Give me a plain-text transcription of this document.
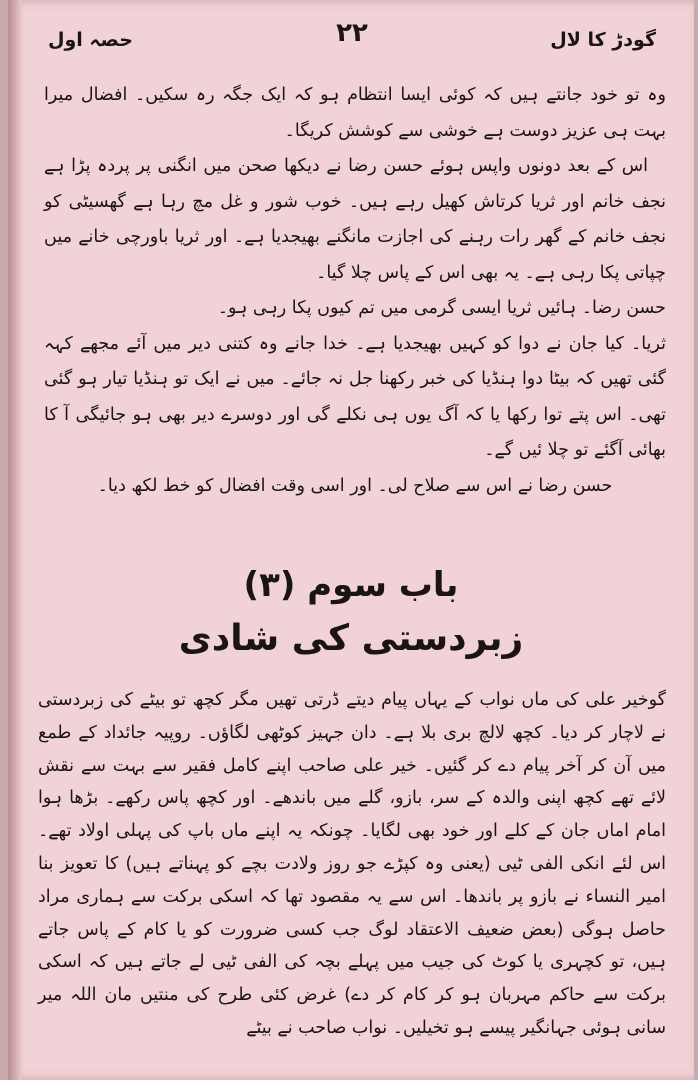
گودڑ کا لال
۲۲
حصہ اول

وہ تو خود جانتے ہیں کہ کوئی ایسا انتظام ہو کہ ایک جگہ رہ سکیں۔ افضال میرا بہت ہی عزیز دوست ہے خوشی سے کوشش کریگا۔

اس کے بعد دونوں واپس ہوئے حسن رضا نے دیکھا صحن میں انگنی پر پردہ پڑا ہے نجف خانم اور ثریا کرتاش کھیل رہے ہیں۔ خوب شور و غل مچ رہا ہے گھسیٹی کو نجف خانم کے گھر رات رہنے کی اجازت مانگنے بھیجدیا ہے۔ اور ثریا باورچی خانے میں چپاتی پکا رہی ہے۔ یہ بھی اس کے پاس چلا گیا۔

حسن رضا۔ ہائیں ثریا ایسی گرمی میں تم کیوں پکا رہی ہو۔

ثریا۔ کیا جان نے دوا کو کہیں بھیجدیا ہے۔ خدا جانے وہ کتنی دیر میں آئے مجھے کہہ گئی تھیں کہ بیٹا دوا ہنڈیا کی خبر رکھنا جل نہ جائے۔ میں نے ایک تو ہنڈیا تیار ہو گئی تھی۔ اس پتے توا رکھا یا کہ آگ یوں ہی نکلے گی اور دوسرے دیر بھی ہو جائیگی آ کا بھائی آگئے تو چلا ئیں گے۔

حسن رضا نے اس سے صلاح لی۔ اور اسی وقت افضال کو خط لکھ دیا۔

باب سوم (۳)
زبردستی کی شادی

گوخیر علی کی ماں نواب کے یہاں پیام دیتے ڈرتی تھیں مگر کچھ تو بیٹے کی زبردستی نے لاچار کر دیا۔ کچھ لالچ بری بلا ہے۔ دان جہیز کوٹھی لگاؤں۔ روپیہ جائداد کے طمع میں آن کر آخر پیام دے کر گئیں۔ خیر علی صاحب اپنے کامل فقیر سے بہت سے نقش لائے تھے کچھ اپنی والدہ کے سر، بازو، گلے میں باندھے۔ اور کچھ پاس رکھے۔ بڑھا ہوا امام اماں جان کے کلے اور خود بھی لگایا۔ چونکہ یہ اپنے ماں باپ کی پہلی اولاد تھے۔ اس لئے انکی الفی ٹیی (یعنی وہ کپڑے جو روز ولادت بچے کو پہناتے ہیں) کا تعویز بنا امیر النساء نے بازو پر باندھا۔ اس سے یہ مقصود تھا کہ اسکی برکت سے ہماری مراد حاصل ہوگی (بعض ضعیف الاعتقاد لوگ جب کسی ضرورت کو یا کام کے پاس جاتے ہیں، تو کچہری یا کوٹ کی جیب میں پہلے بچہ کی الفی ٹیی لے جاتے ہیں کہ اسکی برکت سے حاکم مہربان ہو کر کام کر دے) غرض کئی طرح کی منتیں مان اللہ میر سانی ہوئی جہانگیر پیسے ہو تخیلیں۔ نواب صاحب نے بیٹے
